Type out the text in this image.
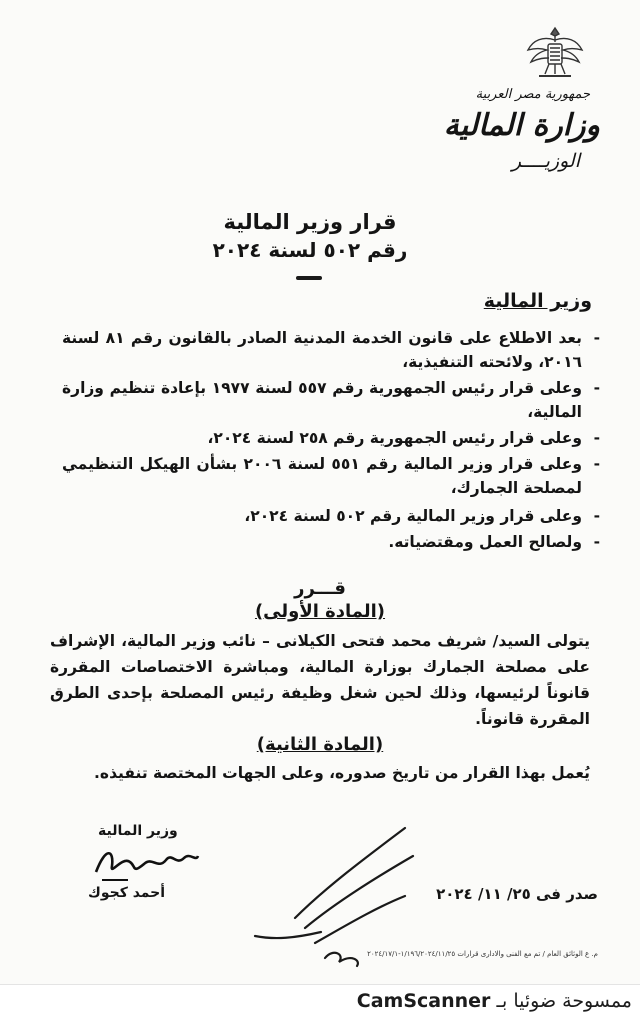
جمهورية مصر العربية
وزارة المالية
الوزيــــر
قرار وزير المالية
رقم ٥٠٢ لسنة ٢٠٢٤
وزير المالية
-
بعد الاطلاع على قانون الخدمة المدنية الصادر بالقانون رقم ٨١ لسنة ٢٠١٦، ولائحته التنفيذية،
-
وعلى قرار رئيس الجمهورية رقم ٥٥٧ لسنة ١٩٧٧ بإعادة تنظيم وزارة المالية،
-
وعلى قرار رئيس الجمهورية رقم ٢٥٨ لسنة ٢٠٢٤،
-
وعلى قرار وزير المالية رقم ٥٥١ لسنة ٢٠٠٦ بشأن الهيكل التنظيمي لمصلحة الجمارك،
-
وعلى قرار وزير المالية رقم ٥٠٢ لسنة ٢٠٢٤،
-
ولصالح العمل ومقتضياته.
قـــرر
(المادة الأولى)
يتولى السيد/ شريف محمد فتحى الكيلانى – نائب وزير المالية، الإشراف على مصلحة الجمارك بوزارة المالية، ومباشرة الاختصاصات المقررة قانوناً لرئيسها، وذلك لحين شغل وظيفة رئيس المصلحة بإحدى الطرق المقررة قانوناً.
(المادة الثانية)
يُعمل بهذا القرار من تاريخ صدوره، وعلى الجهات المختصة تنفيذه.
وزير المالية
أحمد كجوك	صدر فى ٢٥/ ١١/ ٢٠٢٤
م. ع الوثائق العام / تم مع الفنى والادارى قرارات ١/١٩٦/٢٠٢٤/١١/٢٥-٢٠٢٤/١٧/١
CamScanner ممسوحة ضوئيا بـ
